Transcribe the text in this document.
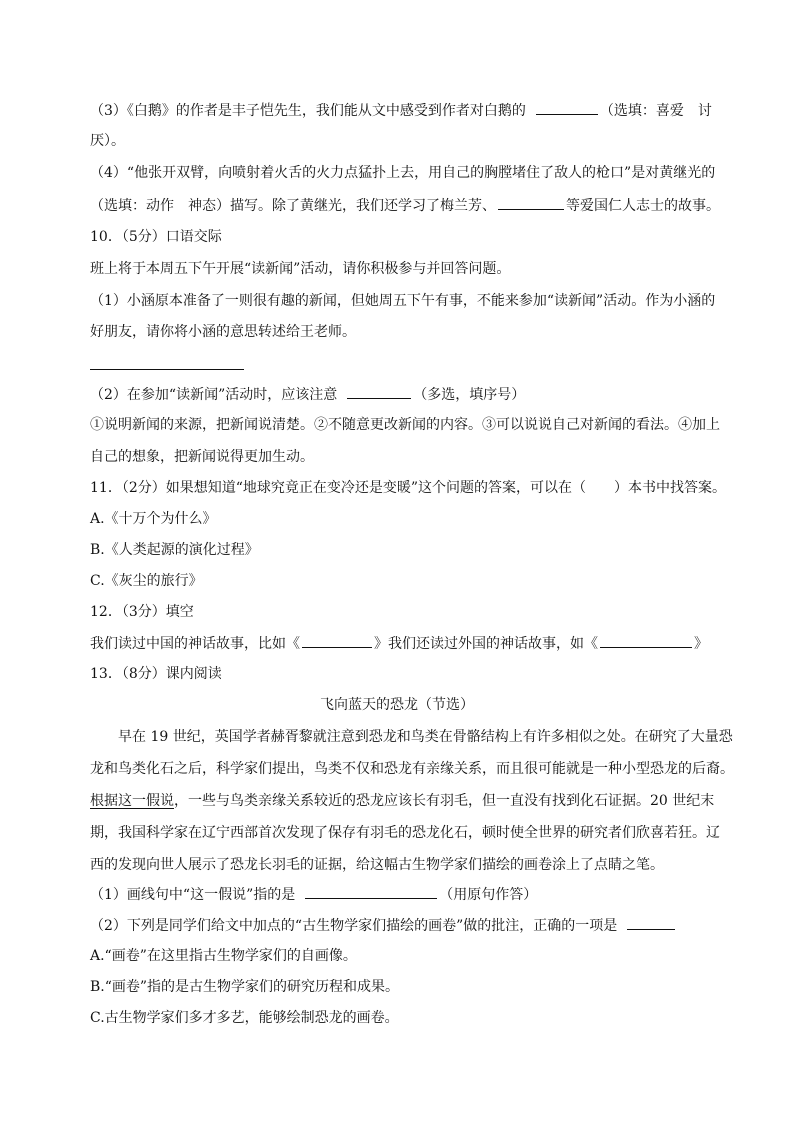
（3）《白鹅》的作者是丰子恺先生，我们能从文中感受到作者对白鹅的	（选填：喜爱　讨
厌）。
（4）“他张开双臂，向喷射着火舌的火力点猛扑上去，用自己的胸膛堵住了敌人的枪口”是对黄继光的
（选填：动作　神态）描写。除了黄继光，我们还学习了梅兰芳、	等爱国仁人志士的故事。
10．（5分）口语交际
班上将于本周五下午开展“读新闻”活动，请你积极参与并回答问题。
（1）小涵原本准备了一则很有趣的新闻，但她周五下午有事，不能来参加“读新闻”活动。作为小涵的
好朋友，请你将小涵的意思转述给王老师。
（2）在参加“读新闻”活动时，应该注意	（多选，填序号）
①说明新闻的来源，把新闻说清楚。②不随意更改新闻的内容。③可以说说自己对新闻的看法。④加上
自己的想象，把新闻说得更加生动。
11．（2分）如果想知道“地球究竟正在变冷还是变暖”这个问题的答案，可以在（　　）本书中找答案。
A.《十万个为什么》
B.《人类起源的演化过程》
C.《灰尘的旅行》
12．（3分）填空
我们读过中国的神话故事，比如《	》我们还读过外国的神话故事，如《	》
13．（8分）课内阅读
飞向蓝天的恐龙（节选）
早在 19 世纪，英国学者赫胥黎就注意到恐龙和鸟类在骨骼结构上有许多相似之处。在研究了大量恐
龙和鸟类化石之后，科学家们提出，鸟类不仅和恐龙有亲缘关系，而且很可能就是一种小型恐龙的后裔。
根据这一假说，一些与鸟类亲缘关系较近的恐龙应该长有羽毛，但一直没有找到化石证据。20 世纪末
期，我国科学家在辽宁西部首次发现了保存有羽毛的恐龙化石，顿时使全世界的研究者们欣喜若狂。辽
西的发现向世人展示了恐龙长羽毛的证据，给这幅古生物学家们描绘的画卷涂上了点睛之笔。
（1）画线句中“这一假说”指的是	（用原句作答）
（2）下列是同学们给文中加点的“古生物学家们描绘的画卷”做的批注，正确的一项是
A.“画卷”在这里指古生物学家们的自画像。
B.“画卷”指的是古生物学家们的研究历程和成果。
C.古生物学家们多才多艺，能够绘制恐龙的画卷。
